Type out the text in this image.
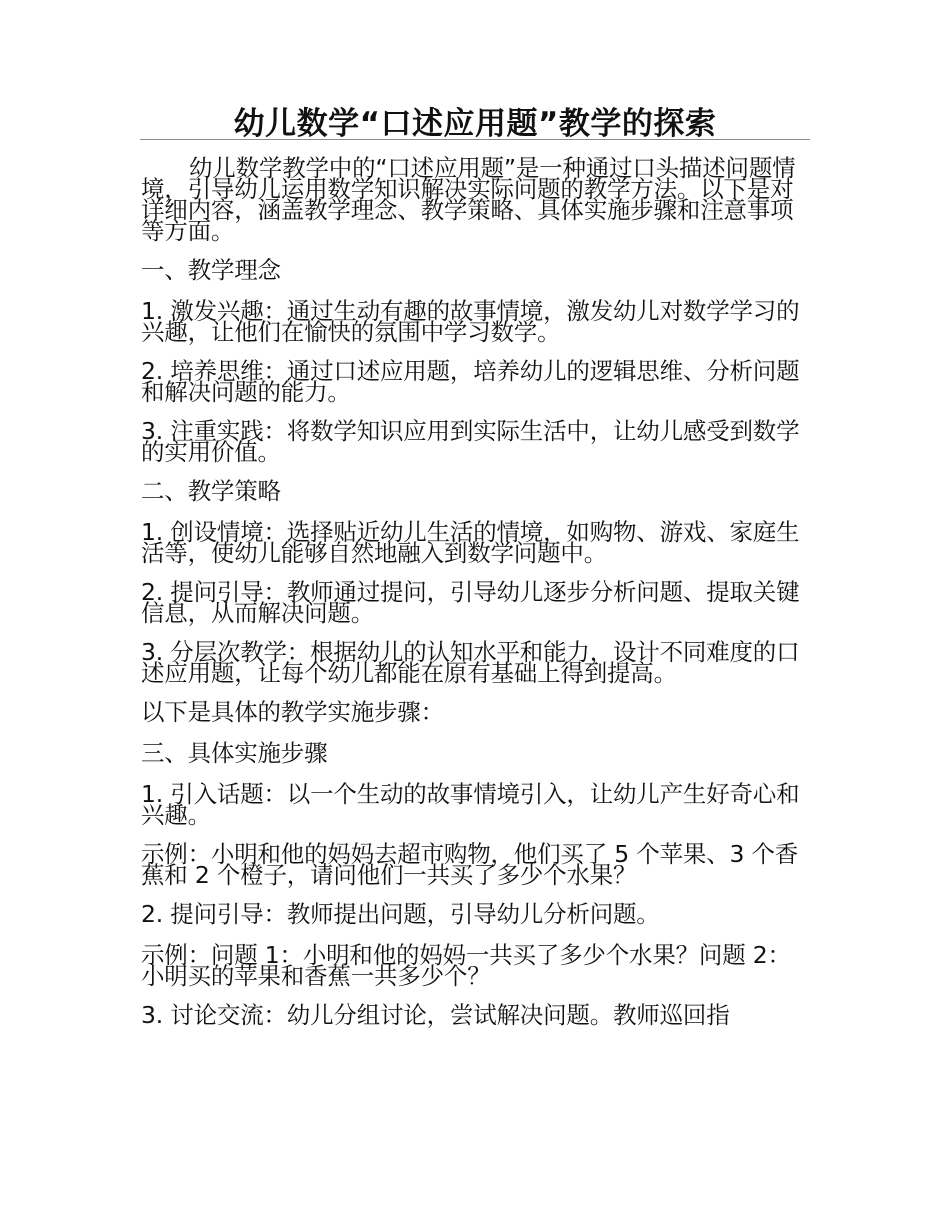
幼儿数学“口述应用题”教学的探索

幼儿数学教学中的“口述应用题”是一种通过口头描述问题情境，引导幼儿运用数学知识解决实际问题的教学方法。以下是对详细内容，涵盖教学理念、教学策略、具体实施步骤和注意事项等方面。

一、教学理念

1. 激发兴趣：通过生动有趣的故事情境，激发幼儿对数学学习的兴趣，让他们在愉快的氛围中学习数学。

2. 培养思维：通过口述应用题，培养幼儿的逻辑思维、分析问题和解决问题的能力。

3. 注重实践：将数学知识应用到实际生活中，让幼儿感受到数学的实用价值。

二、教学策略

1. 创设情境：选择贴近幼儿生活的情境，如购物、游戏、家庭生活等，使幼儿能够自然地融入到数学问题中。

2. 提问引导：教师通过提问，引导幼儿逐步分析问题、提取关键信息，从而解决问题。

3. 分层次教学：根据幼儿的认知水平和能力，设计不同难度的口述应用题，让每个幼儿都能在原有基础上得到提高。

以下是具体的教学实施步骤：

三、具体实施步骤

1. 引入话题：以一个生动的故事情境引入，让幼儿产生好奇心和兴趣。

示例：小明和他的妈妈去超市购物，他们买了 5 个苹果、3 个香蕉和 2 个橙子，请问他们一共买了多少个水果？

2. 提问引导：教师提出问题，引导幼儿分析问题。

示例：问题 1：小明和他的妈妈一共买了多少个水果？问题 2：小明买的苹果和香蕉一共多少个？

3. 讨论交流：幼儿分组讨论，尝试解决问题。教师巡回指
